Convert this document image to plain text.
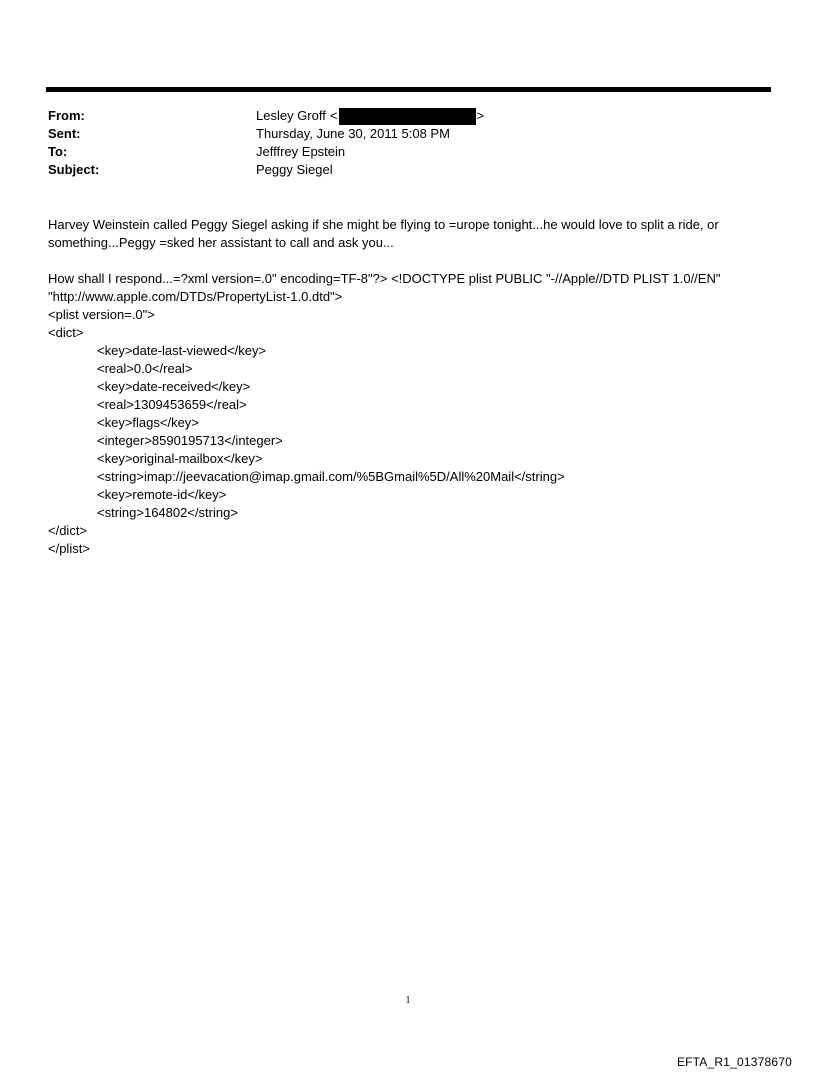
From:	Lesley Groff <	>
Sent:	Thursday, June 30, 2011 5:08 PM
To:	Jefffrey Epstein
Subject:	Peggy Siegel

Harvey Weinstein called Peggy Siegel asking if she might be flying to =urope tonight...he would love to split a ride, or something...Peggy =sked her assistant to call and ask you...

How shall I respond...=?xml version=.0" encoding=TF-8"?> <!DOCTYPE plist PUBLIC "-//Apple//DTD PLIST 1.0//EN" "http://www.apple.com/DTDs/PropertyList-1.0.dtd">

<plist version=.0">

<dict>

<key>date-last-viewed</key>

<real>0.0</real>

<key>date-received</key>

<real>1309453659</real>

<key>flags</key>

<integer>8590195713</integer>

<key>original-mailbox</key>

<string>imap://jeevacation@imap.gmail.com/%5BGmail%5D/All%20Mail</string>

<key>remote-id</key>

<string>164802</string>

</dict>

</plist>

1
EFTA_R1_01378670
